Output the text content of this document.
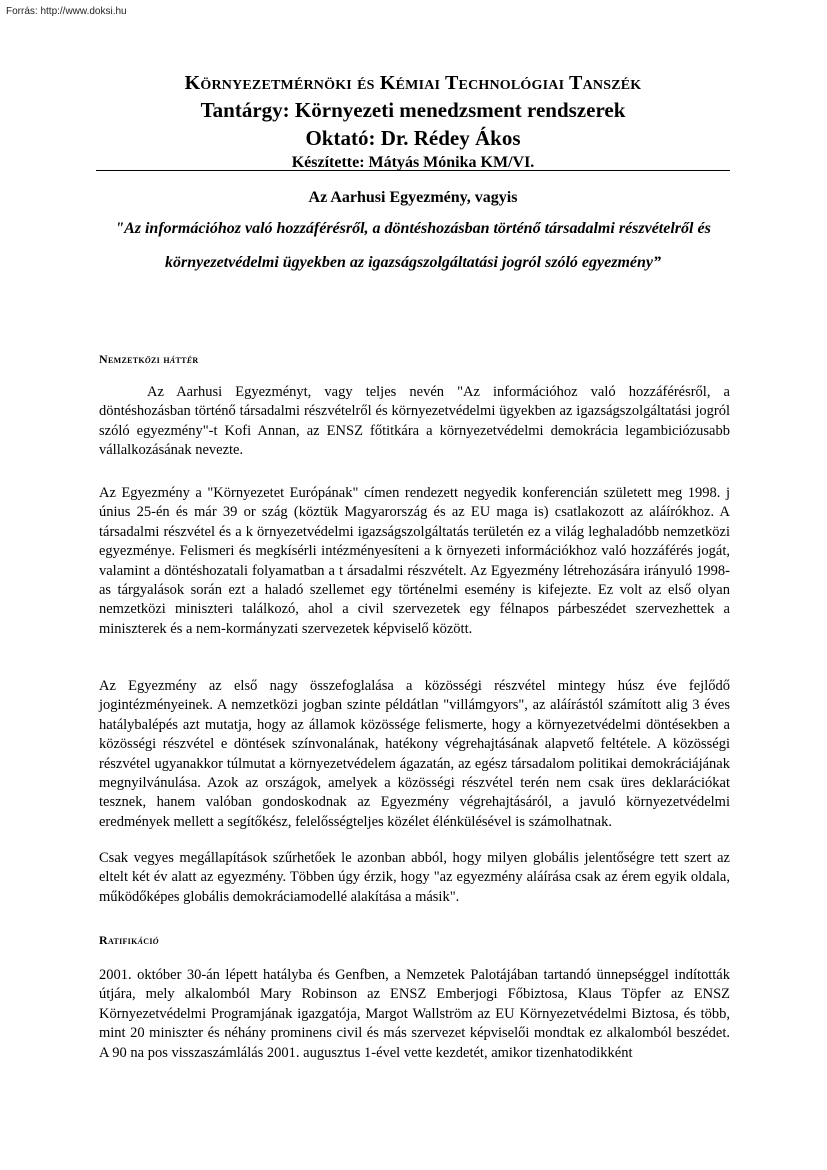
Forrás: http://www.doksi.hu
Környezetmérnöki és Kémiai Technológiai Tanszék
Tantárgy: Környezeti menedzsment rendszerek
Oktató: Dr. Rédey Ákos
Készítette: Mátyás Mónika KM/VI.
Az Aarhusi Egyezmény, vagyis
"Az információhoz való hozzáférésről, a döntéshozásban történő társadalmi részvételről és környezetvédelmi ügyekben az igazságszolgáltatási jogról szóló egyezmény”
Nemzetközi háttér

Az Aarhusi Egyezményt, vagy teljes nevén "Az információhoz való hozzáférésről, a döntéshozásban történő társadalmi részvételről és környezetvédelmi ügyekben az igazságszolgáltatási jogról szóló egyezmény"-t Kofi Annan, az ENSZ főtitkára a környezetvédelmi demokrácia legambiciózusabb vállalkozásának nevezte.

Az Egyezmény a "Környezetet Európának" címen rendezett negyedik konferencián született meg 1998. j únius 25-én és már 39 or szág (köztük Magyarország és az EU maga is) csatlakozott az aláírókhoz. A társadalmi részvétel és a k örnyezetvédelmi igazságszolgáltatás területén ez a világ leghaladóbb nemzetközi egyezménye. Felismeri és megkísérli intézményesíteni a k örnyezeti információkhoz való hozzáférés jogát, valamint a döntéshozatali folyamatban a t ársadalmi részvételt. Az Egyezmény létrehozására irányuló 1998-as tárgyalások során ezt a haladó szellemet egy történelmi esemény is kifejezte. Ez volt az első olyan nemzetközi miniszteri találkozó, ahol a civil szervezetek egy félnapos párbeszédet szervezhettek a miniszterek és a nem-kormányzati szervezetek képviselő között.

Az Egyezmény az első nagy összefoglalása a közösségi részvétel mintegy húsz éve fejlődő jogintézményeinek. A nemzetközi jogban szinte példátlan "villámgyors", az aláírástól számított alig 3 éves hatálybalépés azt mutatja, hogy az államok közössége felismerte, hogy a környezetvédelmi döntésekben a közösségi részvétel e döntések színvonalának, hatékony végrehajtásának alapvető feltétele. A közösségi részvétel ugyanakkor túlmutat a környezetvédelem ágazatán, az egész társadalom politikai demokráciájának megnyilvánulása. Azok az országok, amelyek a közösségi részvétel terén nem csak üres deklarációkat tesznek, hanem valóban gondoskodnak az Egyezmény végrehajtásáról, a javuló környezetvédelmi eredmények mellett a segítőkész, felelősségteljes közélet élénkülésével is számolhatnak.

Csak vegyes megállapítások szűrhetőek le azonban abból, hogy milyen globális jelentőségre tett szert az eltelt két év alatt az egyezmény. Többen úgy érzik, hogy "az egyezmény aláírása csak az érem egyik oldala, működőképes globális demokráciamodellé alakítása a másik".

Ratifikáció

2001. október 30-án lépett hatályba és Genfben, a Nemzetek Palotájában tartandó ünnepséggel indították útjára, mely alkalomból Mary Robinson az ENSZ Emberjogi Főbiztosa, Klaus Töpfer az ENSZ Környezetvédelmi Programjának igazgatója, Margot Wallström az EU Környezetvédelmi Biztosa, és több, mint 20 miniszter és néhány prominens civil és más szervezet képviselői mondtak ez alkalomból beszédet. A 90 na pos visszaszámlálás 2001. augusztus 1-ével vette kezdetét, amikor tizenhatodikként
